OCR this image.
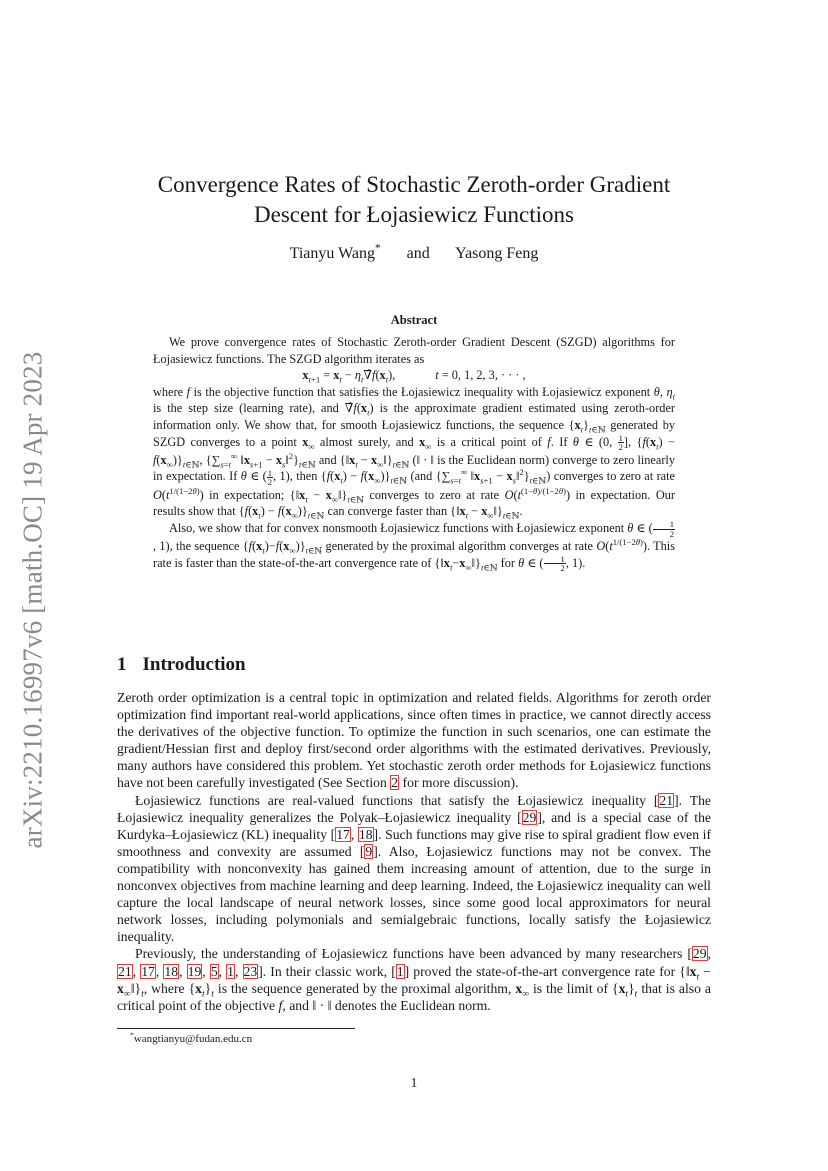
arXiv:2210.16997v6 [math.OC] 19 Apr 2023
Convergence Rates of Stochastic Zeroth-order Gradient
Descent for Łojasiewicz Functions
Tianyu Wang* and Yasong Feng
Abstract

We prove convergence rates of Stochastic Zeroth-order Gradient Descent (SZGD) algorithms for Łojasiewicz functions. The SZGD algorithm iterates as

$x_{t+1} = x_t$ − $\eta_t\nablâf(x_t)$,	t = 0, 1, 2, 3, · · · ,

where f is the objective function that satisfies the Łojasiewicz inequality with Łojasiewicz exponent θ, $\eta_t$ is the step size (learning rate), and $\nablâf(x_t)$ is the approximate gradient estimated using zeroth-order information only. We show that, for smooth Łojasiewicz functions, the sequence $\{x_t\}_{t\in ℕ}$ generated by SZGD converges to a point $x_\infty$ almost surely, and $x_\infty$ is a critical point of f. If θ ∈ (0, $\frac{1}{2}$ ], $\{f(x_t) - f(x_\infty)\}_{t\in ℕ}$, {$\sum_{s=t}^\infty$ $‖x_{s+1}$ − $x_s‖^2\}_{t\in ℕ}$ and {$‖x_t$ − $x_\infty‖\}_{t\in ℕ}$ (‖ · ‖ is the Euclidean norm) converge to zero linearly in expectation. If θ ∈ ( $\frac{1}{2}$ , 1), then $\{f(x_t) - f(x_\infty)\}_{t\in ℕ}$ (and {$\sum_{s=t}^\infty$ $‖x_{s+1}$ − $x_s‖^2\}_{t\in ℕ}$) converges to zero at rate $O(t^{1/(1-2\theta)})$ in expectation; {$‖x_t$ − $x_\infty‖\}_{t\in ℕ}$ converges to zero at rate $O(t^{(1-\theta)/(1-2\theta)})$ in expectation. Our results show that $\{f(x_t) - f(x_\infty)\}_{t\in ℕ}$ can converge faster than {$‖x_t$ − $x_\infty‖\}_{t\in ℕ}$.

Also, we show that for convex nonsmooth Łojasiewicz functions with Łojasiewicz exponent θ ∈ ( $\frac{1}{2}$
, 1), the sequence $\{f(x_t)-f(x_\infty)\}_{t\in ℕ}$ generated by the proximal algorithm converges at rate $O(t^{1/(1-2\theta)})$. This rate is faster than the state-of-the-art convergence rate of $\{‖x_t-x_\infty‖\}_{t\in ℕ}$ for θ ∈ ( $\frac{1}{2}$ , 1).

1 Introduction

Zeroth order optimization is a central topic in optimization and related fields. Algorithms for zeroth order optimization find important real-world applications, since often times in practice, we cannot directly access the derivatives of the objective function. To optimize the function in such scenarios, one can estimate the gradient/Hessian first and deploy first/second order algorithms with the estimated derivatives. Previously, many authors have considered this problem. Yet stochastic zeroth order methods for Łojasiewicz functions have not been carefully investigated (See Section 2 for more discussion).

Łojasiewicz functions are real-valued functions that satisfy the Łojasiewicz inequality [21]. The Łojasiewicz inequality generalizes the Polyak–Łojasiewicz inequality [29], and is a special case of the Kurdyka–Łojasiewicz (KL) inequality [17, 18]. Such functions may give rise to spiral gradient flow even if smoothness and convexity are assumed [9]. Also, Łojasiewicz functions may not be convex. The compatibility with nonconvexity has gained them increasing amount of attention, due to the surge in nonconvex objectives from machine learning and deep learning. Indeed, the Łojasiewicz inequality can well capture the local landscape of neural network losses, since some good local approximators for neural network losses, including polymonials and semialgebraic functions, locally satisfy the Łojasiewicz inequality.

Previously, the understanding of Łojasiewicz functions have been advanced by many researchers [29, 21, 17, 18, 19, 5, 1, 23]. In their classic work, [1] proved the state-of-the-art convergence rate for {$‖x_t$ − $x_\infty‖\}_t$, where $\{x_t\}_t$ is the sequence generated by the proximal algorithm, $x_\infty$ is the limit of $\{x_t\}_t$ that is also a critical point of the objective f, and ‖ · ‖ denotes the Euclidean norm.

*wangtianyu@fudan.edu.cn
1
